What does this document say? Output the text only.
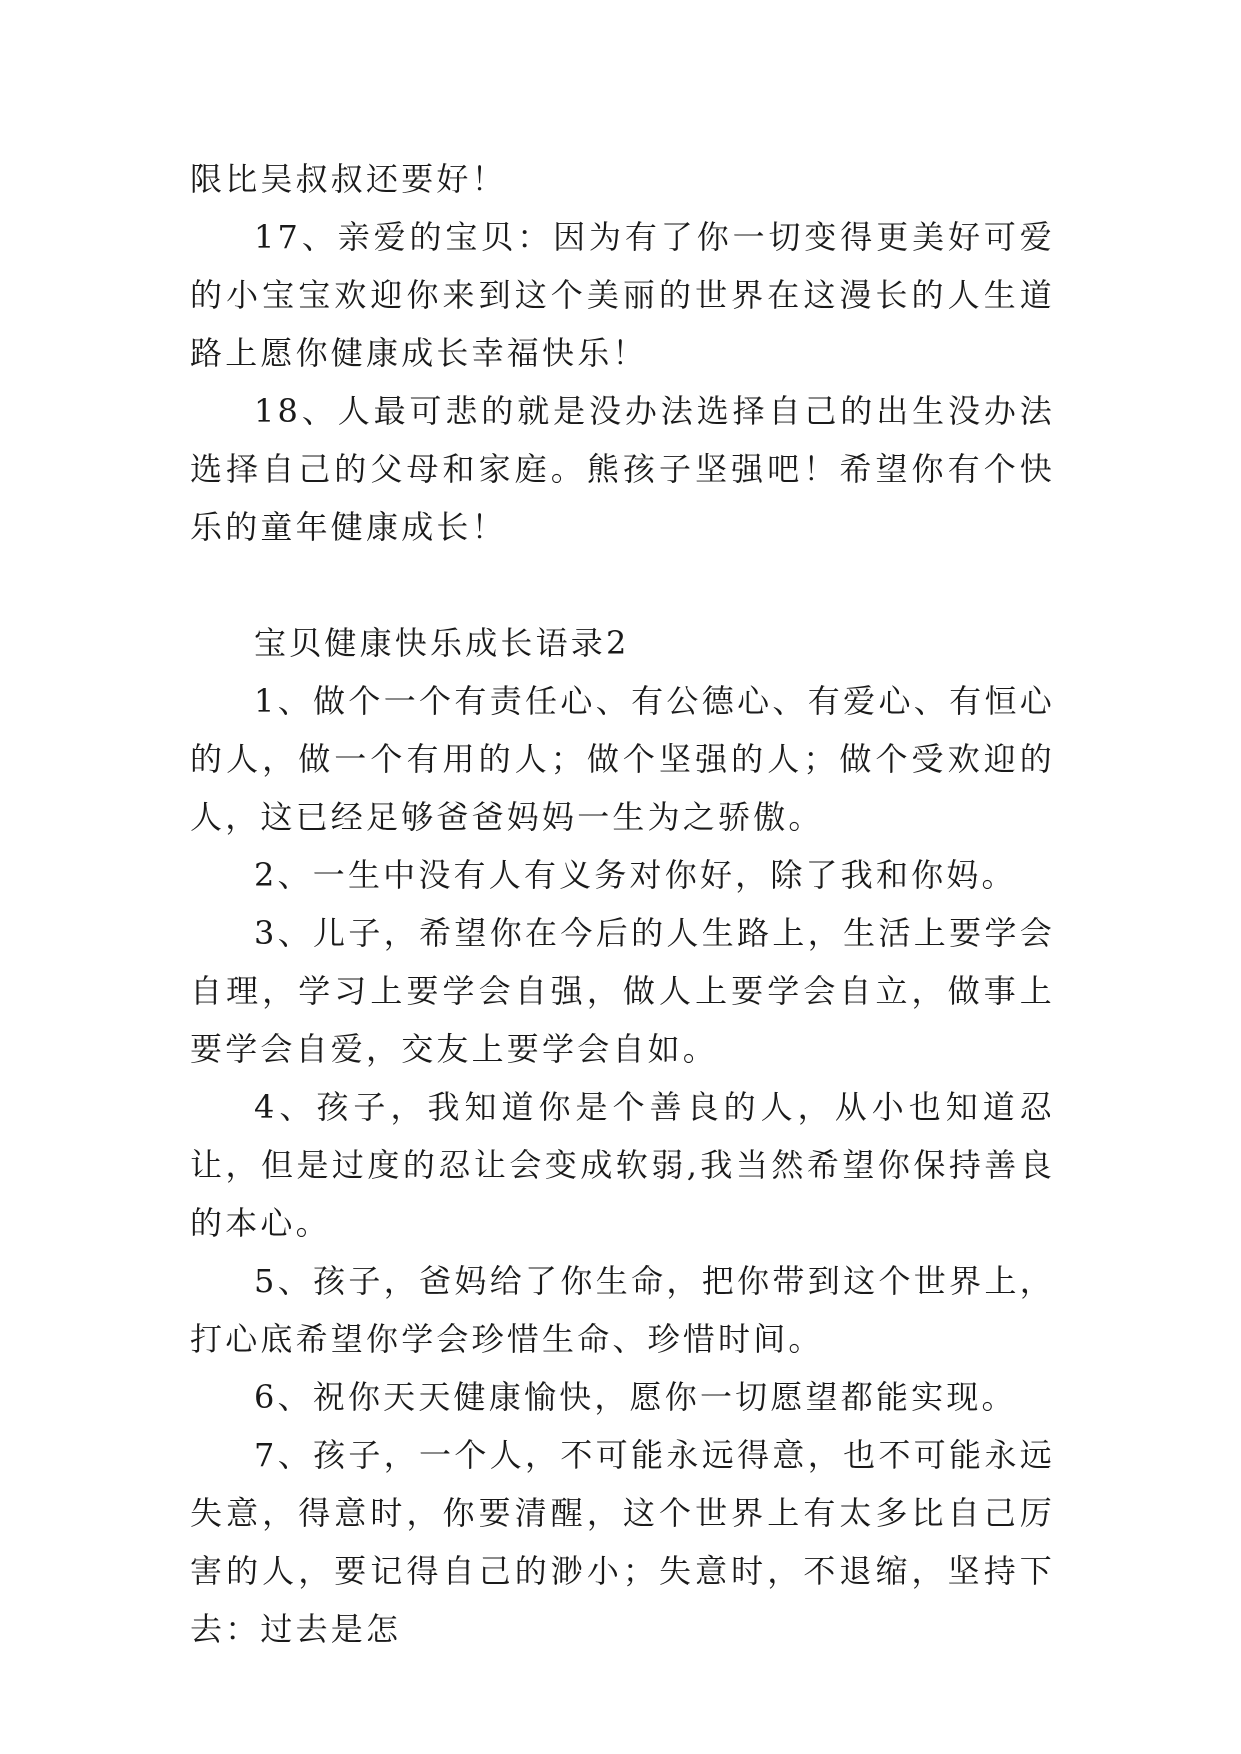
限比吴叔叔还要好！

17、亲爱的宝贝：因为有了你一切变得更美好可爱的小宝宝欢迎你来到这个美丽的世界在这漫长的人生道路上愿你健康成长幸福快乐！

18、人最可悲的就是没办法选择自己的出生没办法选择自己的父母和家庭。熊孩子坚强吧！希望你有个快乐的童年健康成长！

宝贝健康快乐成长语录2

1、做个一个有责任心、有公德心、有爱心、有恒心的人，做一个有用的人；做个坚强的人；做个受欢迎的人，这已经足够爸爸妈妈一生为之骄傲。

2、一生中没有人有义务对你好，除了我和你妈。

3、儿子，希望你在今后的人生路上，生活上要学会自理，学习上要学会自强，做人上要学会自立，做事上要学会自爱，交友上要学会自如。

4、孩子，我知道你是个善良的人，从小也知道忍让，但是过度的忍让会变成软弱,我当然希望你保持善良的本心。

5、孩子，爸妈给了你生命，把你带到这个世界上，打心底希望你学会珍惜生命、珍惜时间。

6、祝你天天健康愉快，愿你一切愿望都能实现。

7、孩子，一个人，不可能永远得意，也不可能永远失意，得意时，你要清醒，这个世界上有太多比自己厉害的人，要记得自己的渺小；失意时，不退缩，坚持下去：过去是怎
